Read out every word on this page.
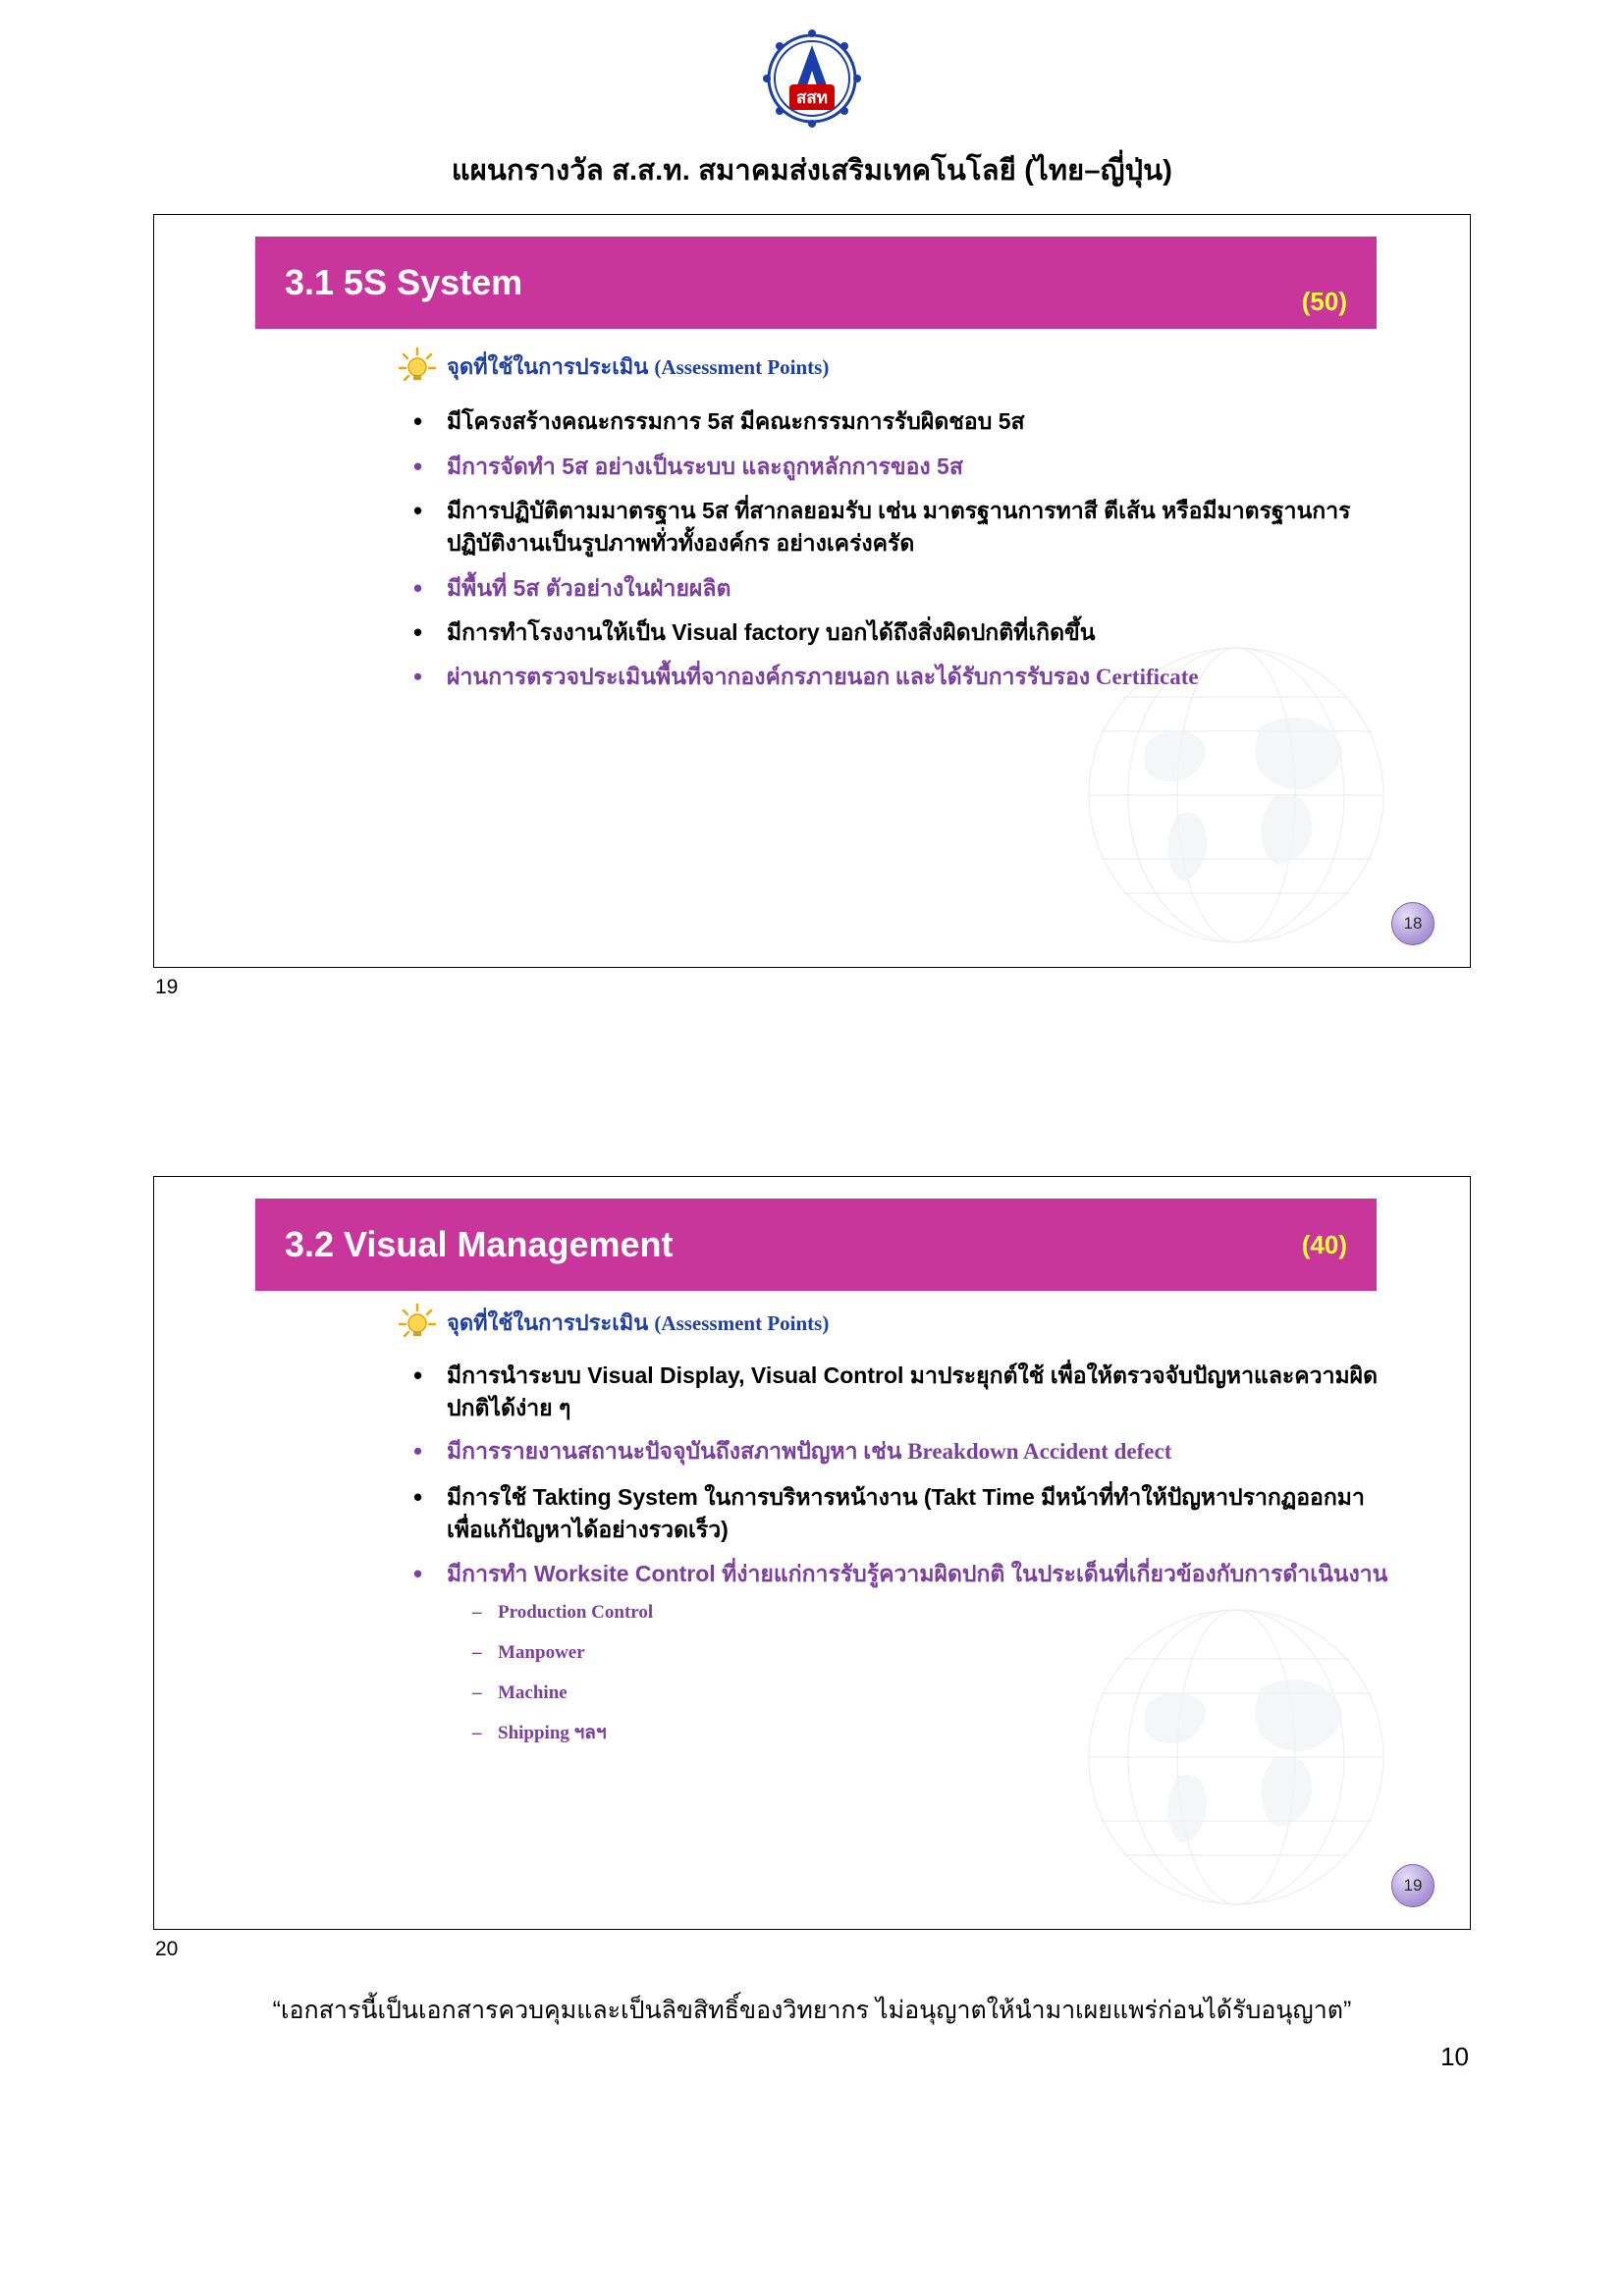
สสท
แผนกรางวัล ส.ส.ท. สมาคมส่งเสริมเทคโนโลยี (ไทย–ญี่ปุ่น)
3.1 5S System	(50)
จุดที่ใช้ในการประเมิน (Assessment Points)
• มีโครงสร้างคณะกรรมการ 5ส มีคณะกรรมการรับผิดชอบ 5ส
• มีการจัดทำ 5ส อย่างเป็นระบบ และถูกหลักการของ 5ส
• มีการปฏิบัติตามมาตรฐาน 5ส ที่สากลยอมรับ เช่น มาตรฐานการทาสี ตีเส้น หรือมีมาตรฐานการปฏิบัติงานเป็นรูปภาพทั่วทั้งองค์กร อย่างเคร่งครัด
• มีพื้นที่ 5ส ตัวอย่างในฝ่ายผลิต
• มีการทำโรงงานให้เป็น Visual factory บอกได้ถึงสิ่งผิดปกติที่เกิดขึ้น
• ผ่านการตรวจประเมินพื้นที่จากองค์กรภายนอก และได้รับการรับรอง Certificate
18
19
3.2 Visual Management	(40)
จุดที่ใช้ในการประเมิน (Assessment Points)
• มีการนำระบบ Visual Display, Visual Control มาประยุกต์ใช้ เพื่อให้ตรวจจับปัญหาและความผิดปกติได้ง่าย ๆ
• มีการรายงานสถานะปัจจุบันถึงสภาพปัญหา เช่น Breakdown Accident defect
• มีการใช้ Takting System ในการบริหารหน้างาน (Takt Time มีหน้าที่ทำให้ปัญหาปรากฏออกมา เพื่อแก้ปัญหาได้อย่างรวดเร็ว)
• มีการทำ Worksite Control ที่ง่ายแก่การรับรู้ความผิดปกติ ในประเด็นที่เกี่ยวข้องกับการดำเนินงาน
– Production Control
– Manpower
– Machine
– Shipping ฯลฯ
19
20
“เอกสารนี้เป็นเอกสารควบคุมและเป็นลิขสิทธิ์ของวิทยากร ไม่อนุญาตให้นำมาเผยแพร่ก่อนได้รับอนุญาต”
10
